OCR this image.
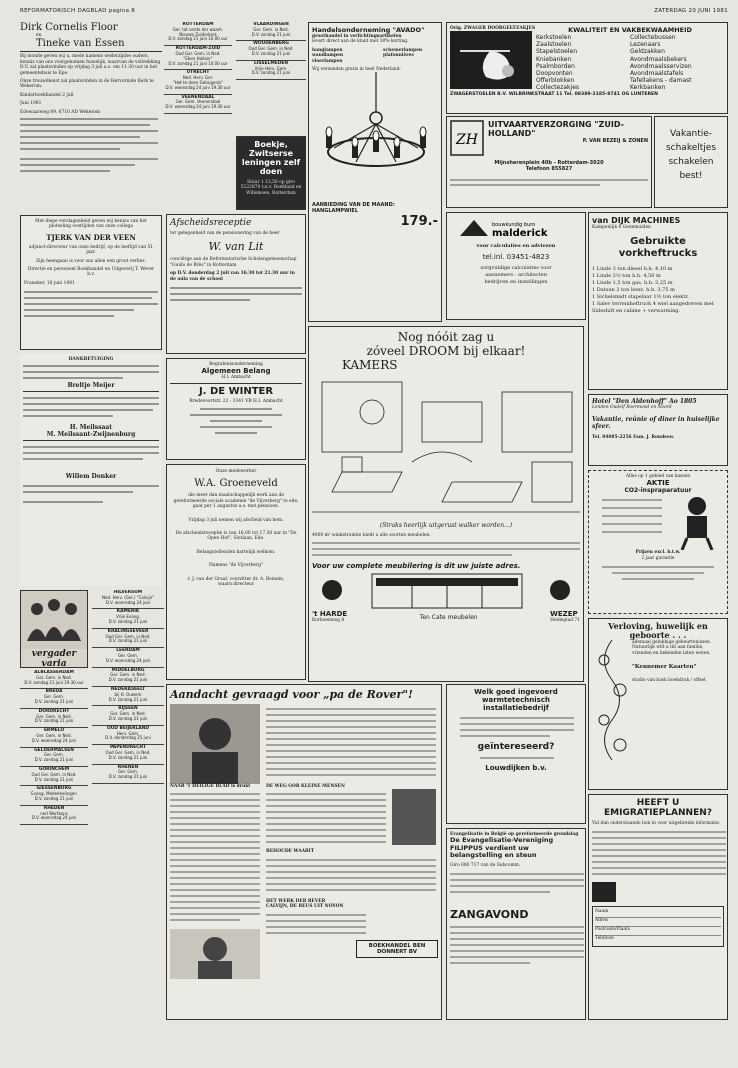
REFORMATORISCH DAGBLAD pagina 8	ZATERDAG 20 JUNI 1981
Dirk Cornelis Floor
en
Tineke van Essen

Bij monde geven wij u, mede namens wederzijdse ouders, kennis van ons voorgenomen huwelijk, waarvan de voltrekking D.V. zal plaatsvinden op vrijdag 3 juli a.s. om 11.30 uur in het gemeentehuis te Epe.

Onze trouwdienst zal plaatsvinden in de Hervormde Kerk te Wekerom.

Kinderboekhandel 2 juli

Juni 1981

Edewaarweg 89, 6710 AD Wekerom

Met diepe verslagenheid geven wij kennis van het plotseling overlijden van onze collega

TJERK VAN DER VEEN

adjunct-directeur van onze bedrijf, op de leeftijd van 51 jaar.

Zijn heengaan is voor ons allen een groot verlies.

Directie en personeel Boekhandel en Uitgeverij T. Wever b.v.

Franeker, 18 juni 1981

DANKBETUIGING
Breltje Meijer
H. Meilssaat
M. Meilssant-Zwijnenburg
Willem Donker
vergader varia
ALBLASSERDAM
Ger. Gem. in Ned.
D.V. zondag 21 juni 19.30 uur
BREDA
Ger. Gem.
D.V. zondag 21 juni
DORDRECHT
Ger. Gem. in Ned.
D.V. zondag 21 juni
ERMELO
Ger. Gem. in Ned.
D.V. woensdag 24 juni
GELDERMALSEN
Ger. Gem.
D.V. zondag 21 juni
GORINCHEM
Oud Ger. Gem. in Ned.
D.V. zondag 21 juni
GIESSENBURG
Evang. Mededeelingen
D.V. zondag 21 juni
RHEDEN
ned Wertkens
D.V. woensdag 24 juni
ROTTERDAM
Ger. tot verde der waarh.
Nieuwe Zuiderkerk
D.V. zondag 21 juni 10.00 uur
ROTTERDAM-ZUID
Oud Ger. Gem. in Ned.
"Eben Haëzer"
D.V. zondag 21 juni 10.00 uur
UTRECHT
Ned. Herv. Ger.
"Het te doen Getuigenis"
D.V. woensdag 24 juni 19.30 uur
VEENENDAAL
Ger. Gem. Veenendaal
D.V. woensdag 24 juni 19.30 uur
VLAARDINGEN
Ger. Gem. in Ned.
D.V. zondag 21 juni
WOUDENBERG
Oud Ger. Gem. in Ned.
D.V. zondag 21 juni
LISSELMEDEN
Vrije Herv. Gem.
D.V. zondag 21 juni
Boekje, Zwitserse leningen zelf doen
Stuur 1 12,50 op giro 5222874 t.n.v. Boekland en Willemsen, Rotterdam
HILVERSUM
Ned. Herv. (Ger.) "Calvijn"
D.V. woensdag 24 juni
KAMERIK
Vrije Evang.
D.V. zondag 21 juni
KRALINGSEVEER
Oud Ger. Gem. in Ned.
D.V. zondag 21 juni
LEERDAM
Ger. Gem.
D.V. woensdag 24 juni
MIDDELBURG
Ger. Gem. in Ned.
D.V. zondag 21 juni
NEDERASSELT
bij H. Ouwerk
D.V. zondag 21 juni
RIJSSEN
Ger. Gem. in Ned.
D.V. zondag 21 juni
OUD BEIJERLAND
Herv. Gem.
D.V. donderdag 25 juni
PAPENDRECHT
Oud Ger. Gem. in Ned.
D.V. zondag 21 juni
RHENEN
Ger. Gem.
D.V. zondag 21 juni
Afscheidsreceptie

ter gelegenheid van de pensionering van de heer

W. van Lit

conciërge aan de Reformatorische Scholengemeenschap "Guido de Brès" in Rotterdam

op D.V. donderdag 2 juli van 16.30 tot 21.30 uur in de aula van de school

Begrafenisonderneming

Algemeen Belang

H.I. Ambacht

J. DE WINTER

Bredevoortstr. 22 - 3341 VB H.I. Ambacht

Onze medewerker

W.A. Groeneveld

die meer dan maatschappelijk werk aan de gereformeerde sociale academie "de Vijverberg" te ede, gaat per 1 augustus a.s. met pensioen.

Vrijdag 3 juli nemen wij afscheid van hem.

De afscheidsreceptie is van 16.00 tot 17.30 uur in "De Open Hof", Slotlaan, Ede.

Belangstellenden hartelijk welkom.

Namens "de Vijverberg"

r. J. van der Graaf, voorzitter dr. A. Romein, waarn.directeur

Handelsonderneming "AVADO"

groothandel in verlichtingsartikelen

levert direct aan de klant met 30% korting.

hanglampen
wandlampen
vloerlampen
schemerlampen
plafonnières

Wij verzenden gratis in heel Nederland.

AANBIEDING VAN DE MAAND: HANGLAMPWIEL
179.-

Orig. ZWAGER DOORGEEFZAKJES	KWALITEIT EN VAKBEKWAAMHEID
Kerkstoelen
Zaalstoelen
Stapelstoelen
Kniebanken
Psalmborden
Doopvonten
Offerblokken
Collectezakjes
Collectebussen
Lezenaars
Geldzakken
Avondmaalsbekers
Avondmaalsservizen
Avondmaalstafels
Tafellakens - damast
Kerkbanken
ZWAGERSTOELEN B.V. WILBRINKSTRAAT 11 Tel. 08389-2185-8741 OG LUNTEREN
ZH
UITVAARTVERZORGING "ZUID-HOLLAND"
P. VAN BEZEIJ & ZONEN
Mijnsherenplein 40b - Rotterdam-3020
Telefoon 855827
Vakantie-
schakeltjes
schakelen
best!
bouwkundig buro
malderick

voor calculaties en adviezen

tel.inl. 03451-4823

zorgvuldige calculaties voor

aannemers - architecten

bedrijven en instellingen

van DIJK MACHINES

Kampenlijk 6 Genemuiden

Gebruikte vorkheftrucks

1 Linde 3 ton diesel h.h. 4,10 m

1 Linde 2½ ton h.h. 4,50 m

1 Linde 1,5 ton gas, h.h. 3,25 m

1 Datsun 2 ton benz. h.h. 3,75 m

1 Sichelsmidt stapelaar 1½ ton elektr.

1 Salev terreinheftruck 4 wiel aangedreven met Sideshift en cabine + verwarming.

Nog nóóit zag u
zóveel DROOM bij elkaar!
KAMERS
(Straks heerlijk uitgerust walker worden...)

4000 m² winkelruimte biedt u alle soorten meubelen.

Voor uw complete meubilering is dit uw juiste adres.
't HARDE

Korhoenweg 8	Ten Cate meubelen	WEZEP

Heideplad 71

Hotel "Den Aldenhoff" Ao 1805

Lenden Oudelf Roermond en Noord

Vakantie, reünie of diner in huiselijke sfeer.

Tel. 04085-2256 Fam. J. Rondeeu.

Alles op 1 gebied van kassen

AKTIE
CO2-inspraparatuur

Prijzen excl. b.t.w.

2 jaar garantie

Verloving, huwelijk en geboorte . . .

allemaal gelukkige gebeurtenissen. Natuurlijk wilt u dit aan familie, vrienden en bekenden laten weten.

"Kennemer Kaarten"

studio van bask boekdruk / offset

Aandacht gevraagd voor „pa de Rover"!

NAAR 'T HEILIGE BLAD is drukt	DE WEG GOR KLEINE MENSEN
BEHOUDE WAARIT
HET WERK DER REVER
CALVIJN, DE REUS UIT NOYON
BOEKHANDEL BEN DONNERT BV
Welk goed ingevoerd warmtetechnisch installatiebedrijf
geïntereseerd?
Louwdijken b.v.

Evangelisatie in België op gereformeerde grondslag

De Evangelisatie-Vereniging FILIPPUS verdient uw belangstelling en steun

Giro 680 717 van de Subcomm.

ZANGAVOND
HEEFT U EMIGRATIEPLANNEN?

Vul dan onderstaande bon in voor uitgebreide informatie.

Naam
Adres
Postcode/Plaats
Telefoon
